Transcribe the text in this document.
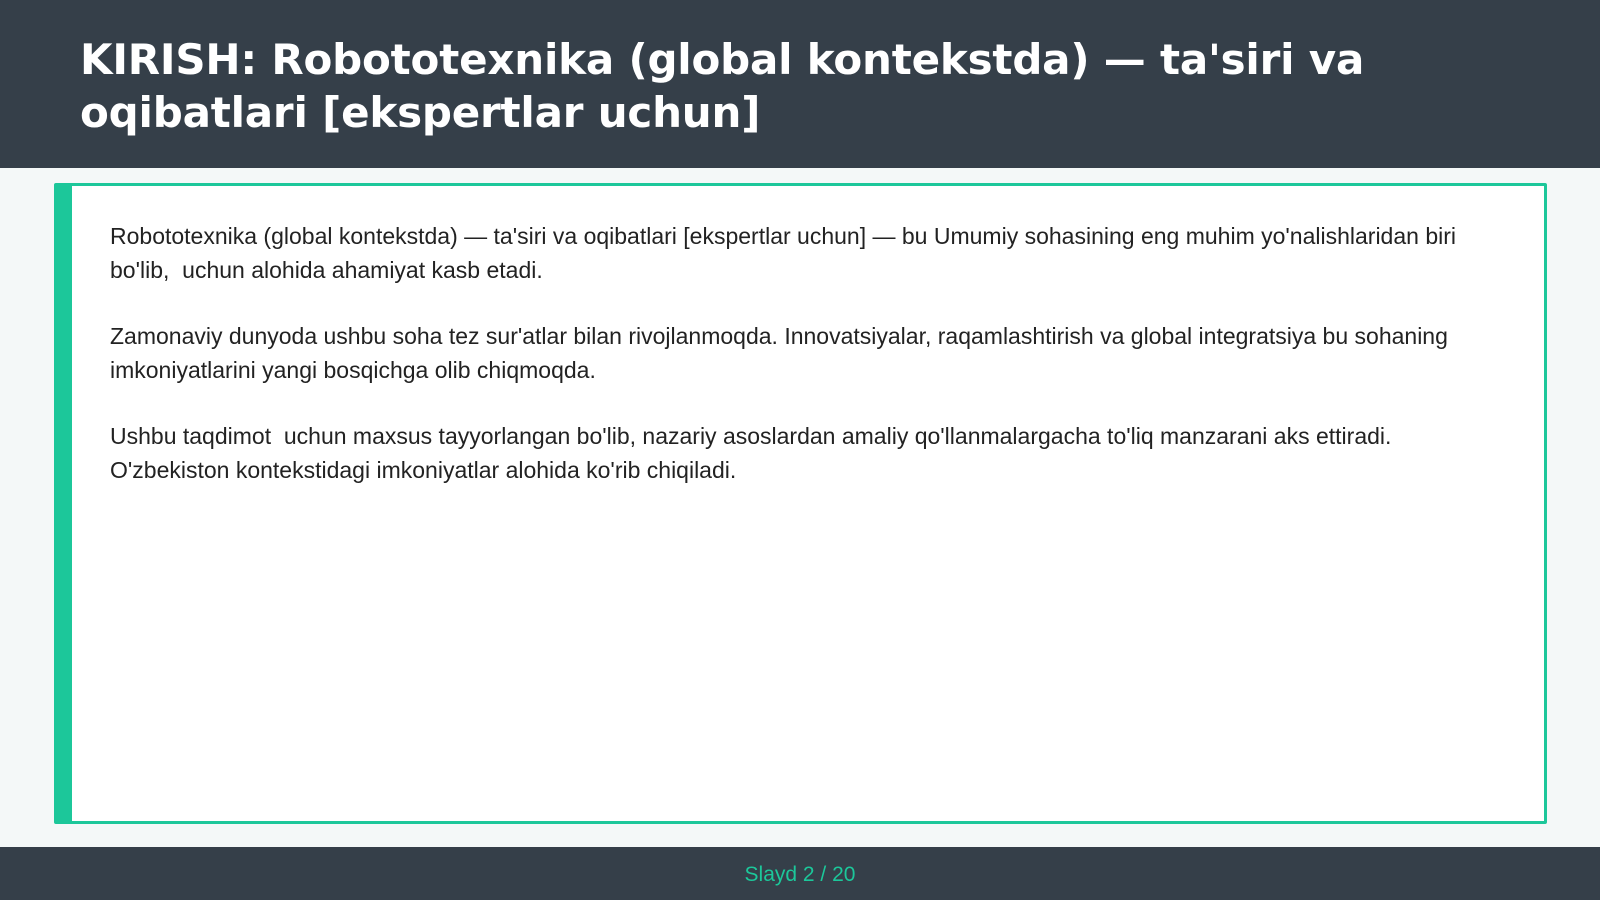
KIRISH: Robototexnika (global kontekstda) — ta'siri va oqibatlari [ekspertlar uchun]

Robototexnika (global kontekstda) — ta'siri va oqibatlari [ekspertlar uchun] — bu Umumiy sohasining eng muhim yo'nalishlaridan biri bo'lib,  uchun alohida ahamiyat kasb etadi.

Zamonaviy dunyoda ushbu soha tez sur'atlar bilan rivojlanmoqda. Innovatsiyalar, raqamlashtirish va global integratsiya bu sohaning imkoniyatlarini yangi bosqichga olib chiqmoqda.

Ushbu taqdimot  uchun maxsus tayyorlangan bo'lib, nazariy asoslardan amaliy qo'llanmalargacha to'liq manzarani aks ettiradi. O'zbekiston kontekstidagi imkoniyatlar alohida ko'rib chiqiladi.

Slayd 2 / 20
